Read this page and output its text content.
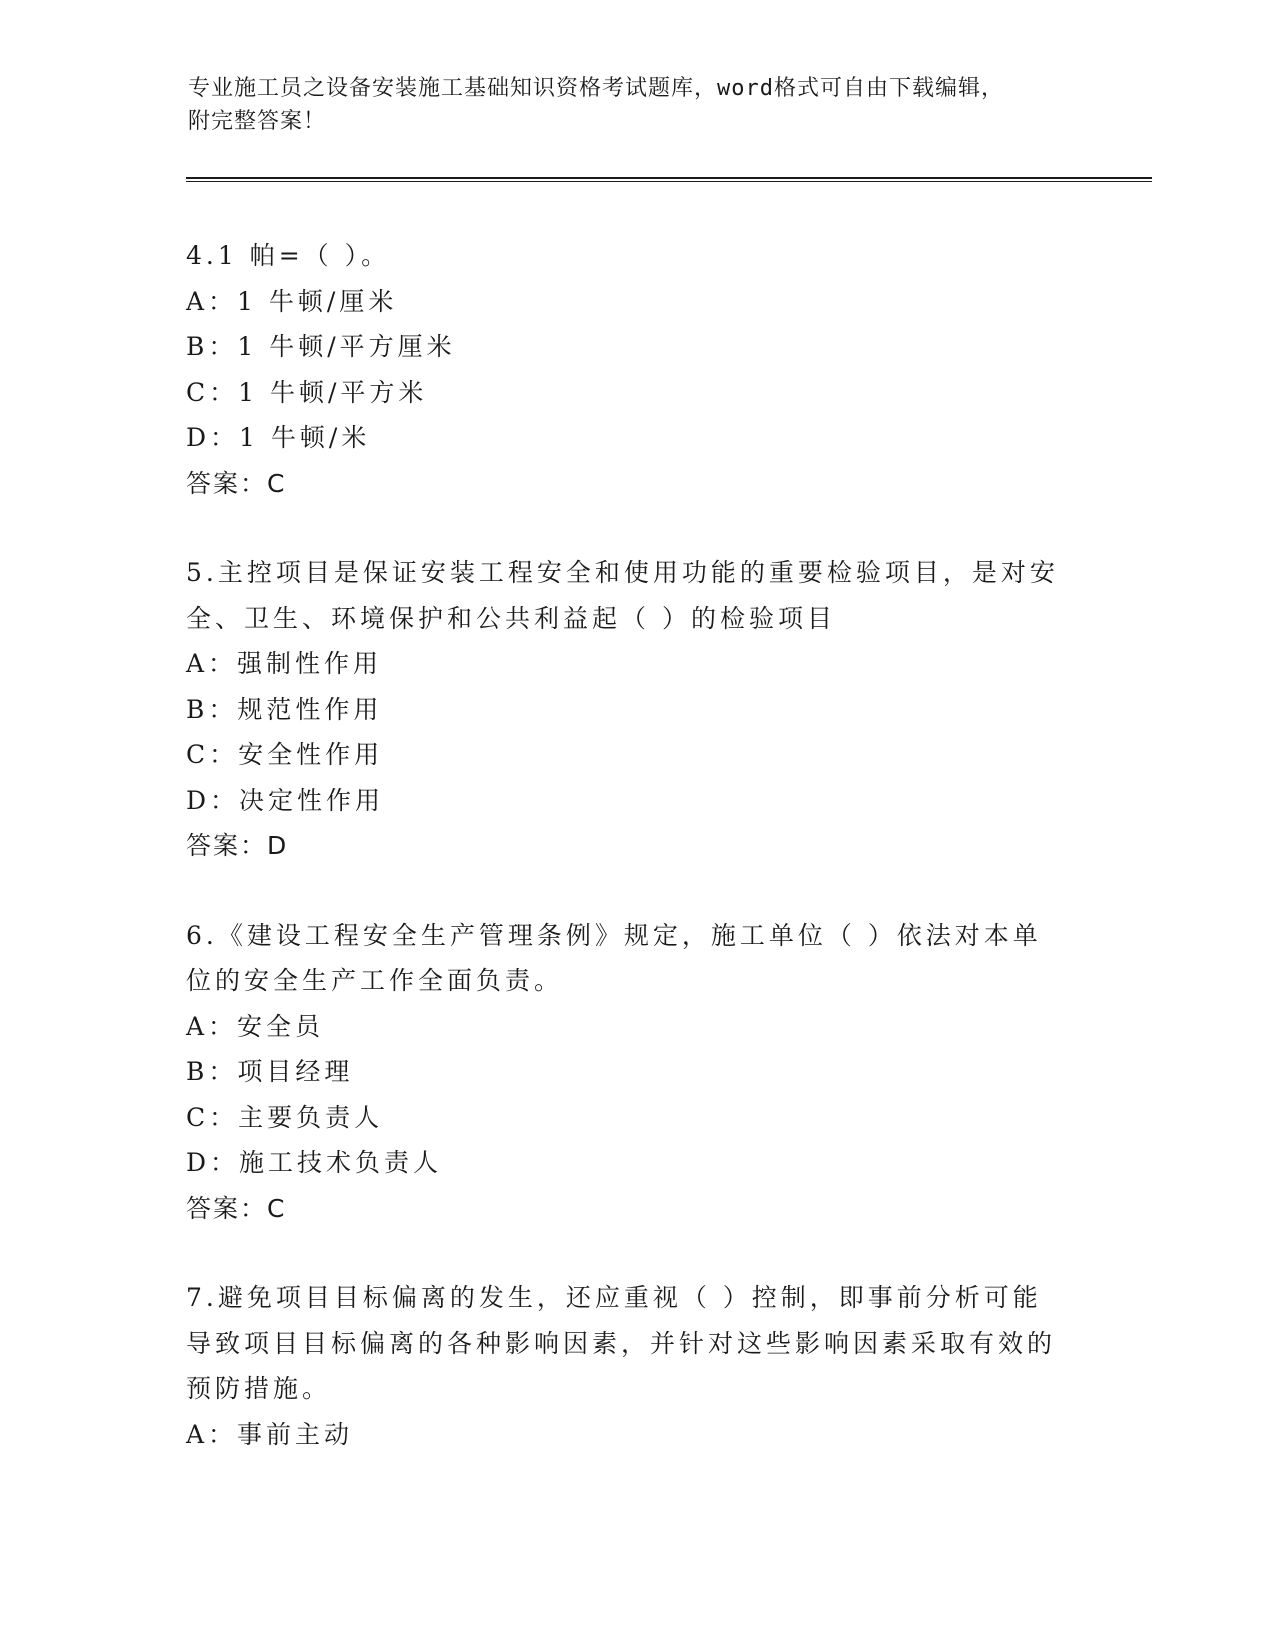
专业施工员之设备安装施工基础知识资格考试题库，word格式可自由下载编辑，
附完整答案！

4.1 帕=（ ）。

A：1 牛顿/厘米

B：1 牛顿/平方厘米

C：1 牛顿/平方米

D：1 牛顿/米

答案：C

5.主控项目是保证安装工程安全和使用功能的重要检验项目，是对安全、卫生、环境保护和公共利益起（ ）的检验项目

A：强制性作用

B：规范性作用

C：安全性作用

D：决定性作用

答案：D

6.《建设工程安全生产管理条例》规定，施工单位（ ）依法对本单位的安全生产工作全面负责。

A：安全员

B：项目经理

C：主要负责人

D：施工技术负责人

答案：C

7.避免项目目标偏离的发生，还应重视（ ）控制，即事前分析可能导致项目目标偏离的各种影响因素，并针对这些影响因素采取有效的预防措施。

A：事前主动
